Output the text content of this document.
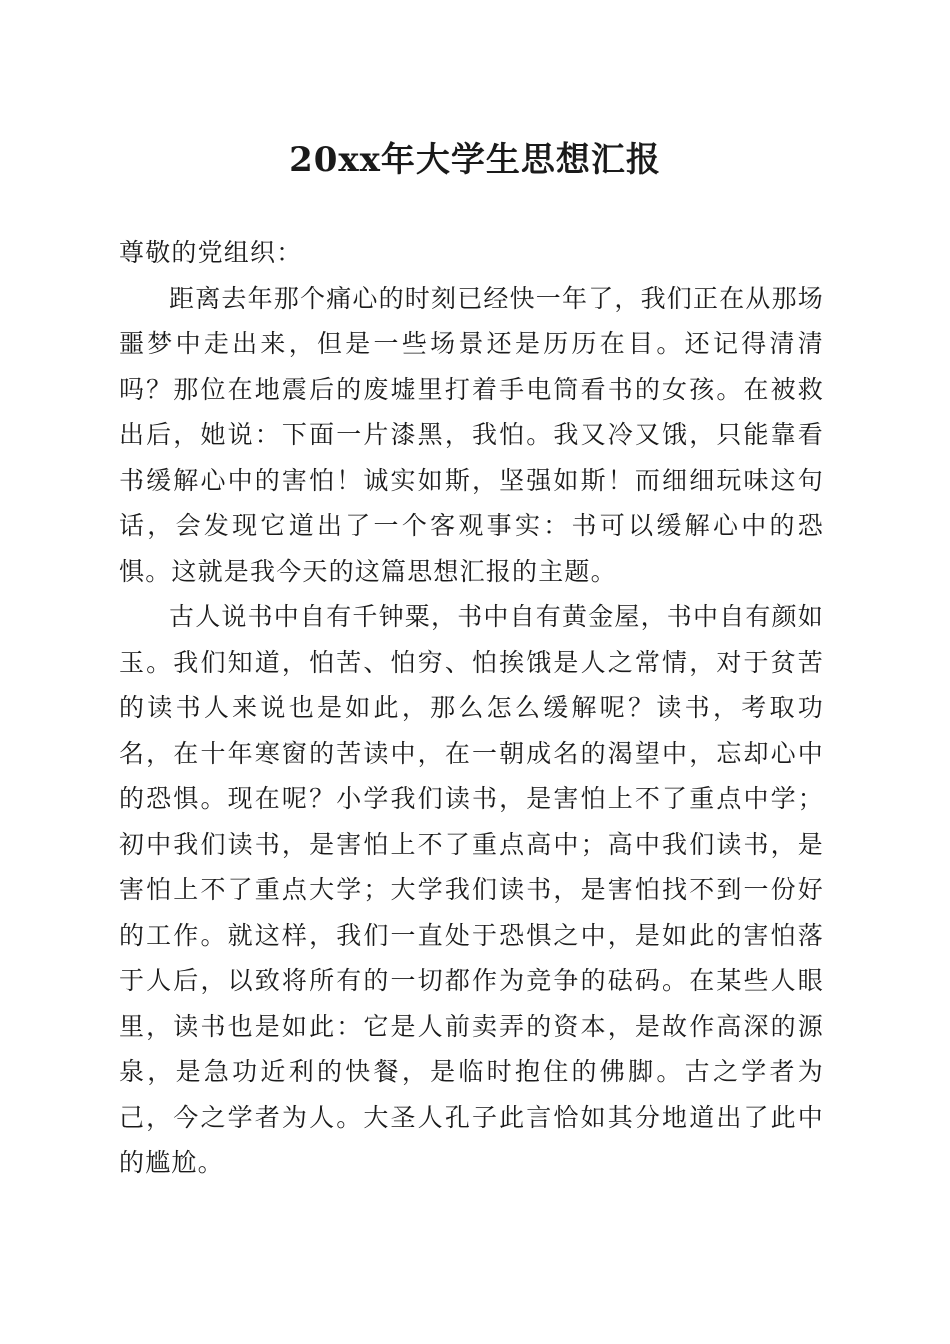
20xx年大学生思想汇报

尊敬的党组织：

距离去年那个痛心的时刻已经快一年了，我们正在从那场噩梦中走出来，但是一些场景还是历历在目。还记得清清吗？那位在地震后的废墟里打着手电筒看书的女孩。在被救出后，她说：下面一片漆黑，我怕。我又冷又饿，只能靠看书缓解心中的害怕！诚实如斯，坚强如斯！而细细玩味这句话，会发现它道出了一个客观事实：书可以缓解心中的恐惧。这就是我今天的这篇思想汇报的主题。

古人说书中自有千钟粟，书中自有黄金屋，书中自有颜如玉。我们知道，怕苦、怕穷、怕挨饿是人之常情，对于贫苦的读书人来说也是如此，那么怎么缓解呢？读书，考取功名，在十年寒窗的苦读中，在一朝成名的渴望中，忘却心中的恐惧。现在呢？小学我们读书，是害怕上不了重点中学；初中我们读书，是害怕上不了重点高中；高中我们读书，是害怕上不了重点大学；大学我们读书，是害怕找不到一份好的工作。就这样，我们一直处于恐惧之中，是如此的害怕落于人后，以致将所有的一切都作为竞争的砝码。在某些人眼里，读书也是如此：它是人前卖弄的资本，是故作高深的源泉，是急功近利的快餐，是临时抱住的佛脚。古之学者为己，今之学者为人。大圣人孔子此言恰如其分地道出了此中的尴尬。
